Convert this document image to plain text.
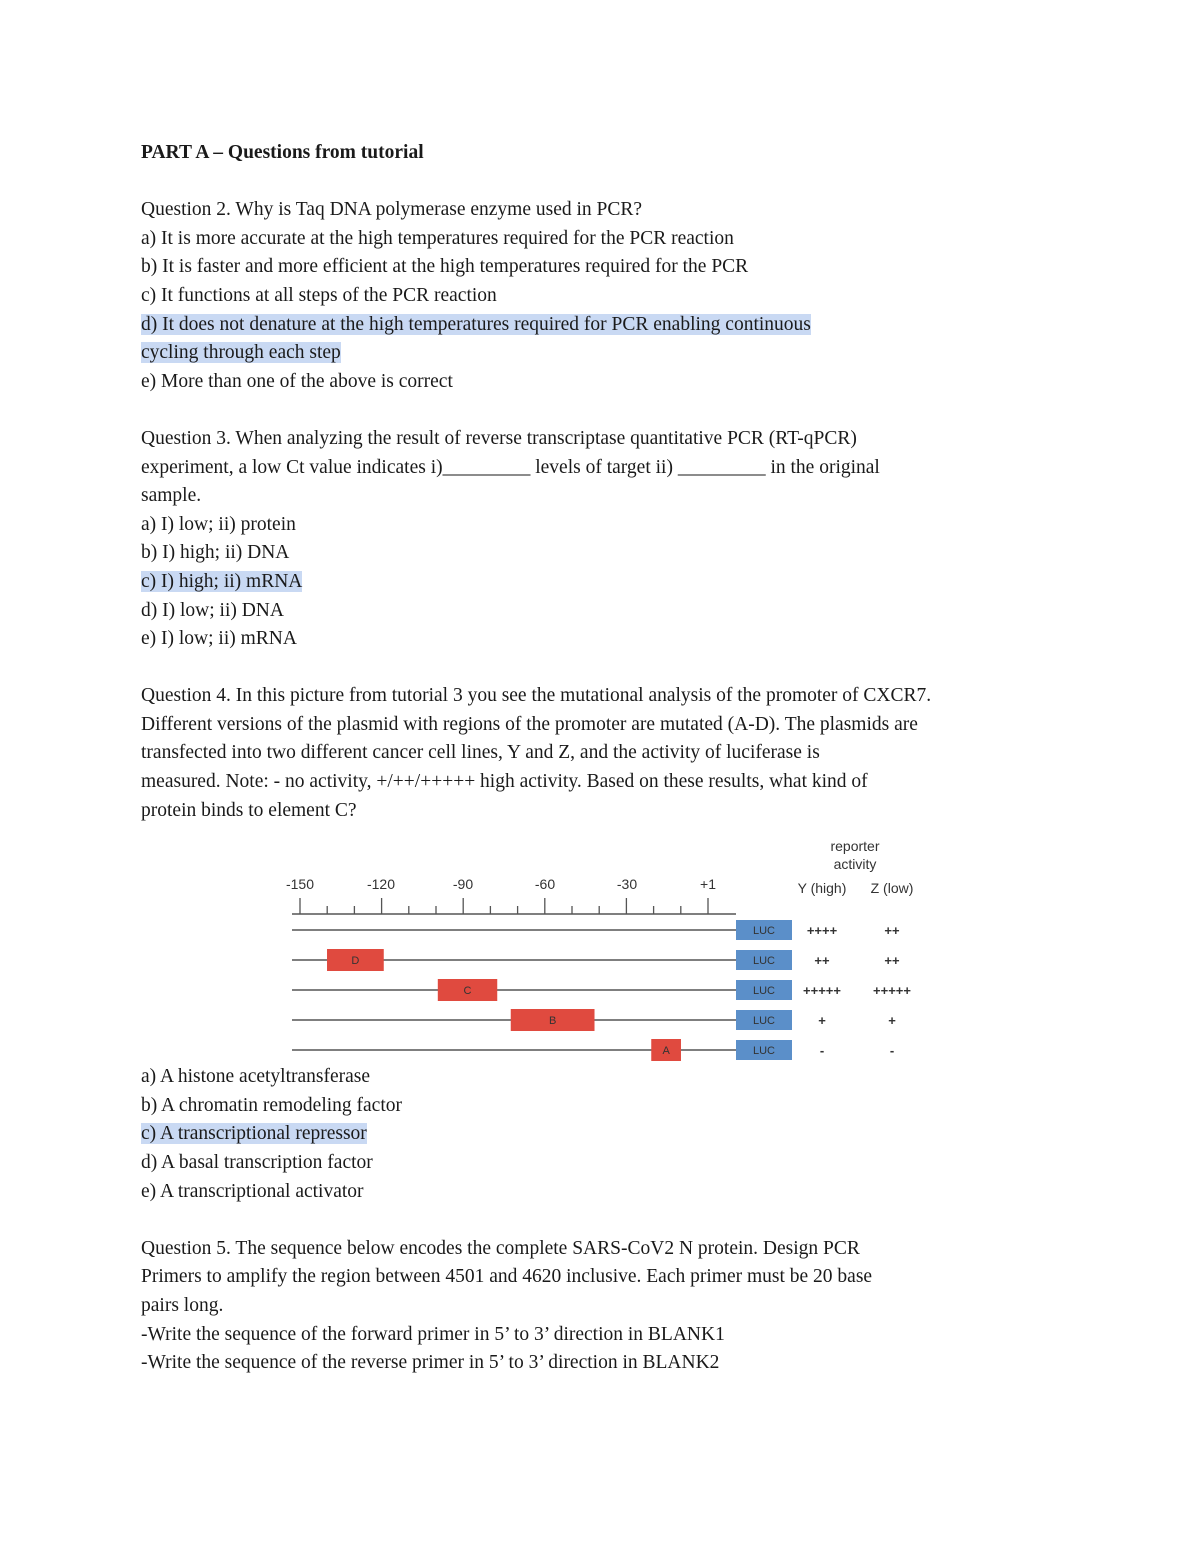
PART A – Questions from tutorial
Question 2. Why is Taq DNA polymerase enzyme used in PCR?
a) It is more accurate at the high temperatures required for the PCR reaction
b) It is faster and more efficient at the high temperatures required for the PCR
c) It functions at all steps of the PCR reaction
d) It does not denature at the high temperatures required for PCR enabling continuous
cycling through each step
e) More than one of the above is correct
Question 3. When analyzing the result of reverse transcriptase quantitative PCR (RT-qPCR)
experiment, a low Ct value indicates i)_________ levels of target ii) _________ in the original
sample.
a) I) low; ii) protein
b) I) high; ii) DNA
c) I) high; ii) mRNA
d) I) low; ii) DNA
e) I) low; ii) mRNA
Question 4. In this picture from tutorial 3 you see the mutational analysis of the promoter of CXCR7.
Different versions of the plasmid with regions of the promoter are mutated (A-D). The plasmids are
transfected into two different cancer cell lines, Y and Z, and the activity of luciferase is
measured. Note: - no activity, +/++/+++++ high activity. Based on these results, what kind of
protein binds to element C?
reporter
activity
Y (high) Z (low)
-150	-120	-90	-60	-30	+1
LUC ++++	++
D	LUC	++	++
C	LUC +++++ +++++
B	LUC	+	+
A	LUC	-	-
a) A histone acetyltransferase
b) A chromatin remodeling factor
c) A transcriptional repressor
d) A basal transcription factor
e) A transcriptional activator
Question 5. The sequence below encodes the complete SARS-CoV2 N protein. Design PCR
Primers to amplify the region between 4501 and 4620 inclusive. Each primer must be 20 base
pairs long.
-Write the sequence of the forward primer in 5’ to 3’ direction in BLANK1
-Write the sequence of the reverse primer in 5’ to 3’ direction in BLANK2
